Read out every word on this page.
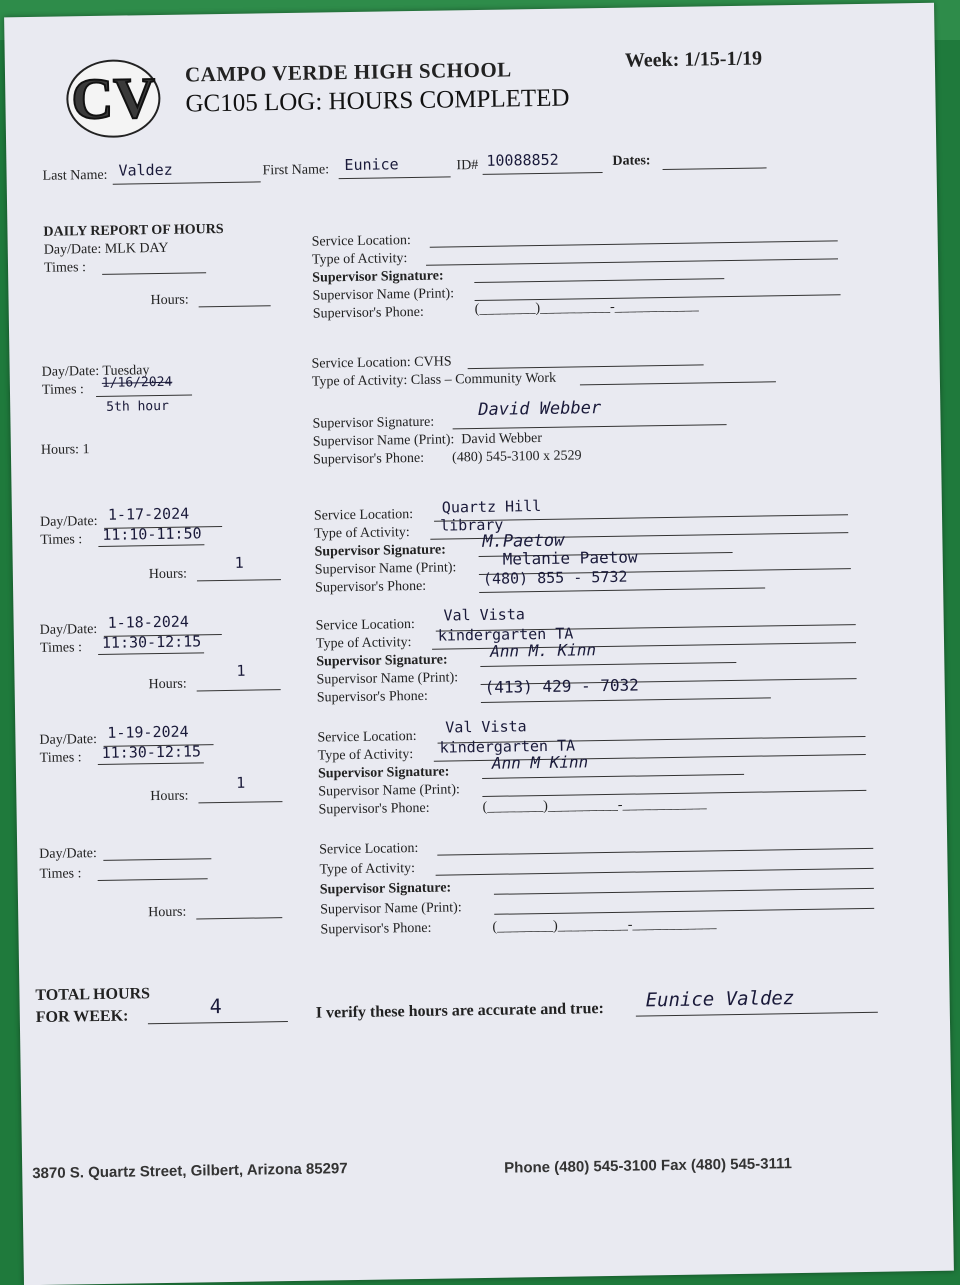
CV CAMPO VERDE HIGH SCHOOL
GC105 LOG: HOURS COMPLETED
Week: 1/15-1/19
Last Name: Valdez	First Name: Eunice	ID# 10088852	Dates:
DAILY REPORT OF HOURS
Day/Date: MLK DAY
Times :
Hours:
Service Location:
Type of Activity:
Supervisor Signature:
Supervisor Name (Print):
Supervisor's Phone:	(________)__________-____________
Day/Date: Tuesday
Times : 1/16/2024
5th hour
Hours: 1
Service Location: CVHS
Type of Activity: Class – Community Work
Supervisor Signature:
David Webber
Supervisor Name (Print): David Webber
Supervisor's Phone: (480) 545-3100 x 2529
Day/Date: 1-17-2024
Times : 11:10-11:50
Hours:
1
Service Location: Quartz Hill
Type of Activity: library
Supervisor Signature: M.Paetow
Supervisor Name (Print):
Melanie Paetow
Supervisor's Phone:	(480) 855 - 5732
Day/Date: 1-18-2024
Times : 11:30-12:15
Hours:
1
Service Location:
Val Vista
Type of Activity: kindergarten TA
Supervisor Signature:
Ann M. Kinn
Supervisor Name (Print):
Supervisor's Phone:
(413) 429 - 7032
Day/Date: 1-19-2024
Times : 11:30-12:15
Hours:
1
Service Location:
Val Vista
Type of Activity: kindergarten TA
Supervisor Signature:
Ann M Kinn
Supervisor Name (Print):
Supervisor's Phone:	(________)__________-____________
Day/Date:
Times :
Hours:
Service Location:
Type of Activity:
Supervisor Signature:
Supervisor Name (Print):
Supervisor's Phone:	(________)__________-____________
TOTAL HOURS
FOR WEEK:	4	I verify these hours are accurate and true: Eunice Valdez
3870 S. Quartz Street, Gilbert, Arizona 85297	Phone (480) 545-3100 Fax (480) 545-3111
